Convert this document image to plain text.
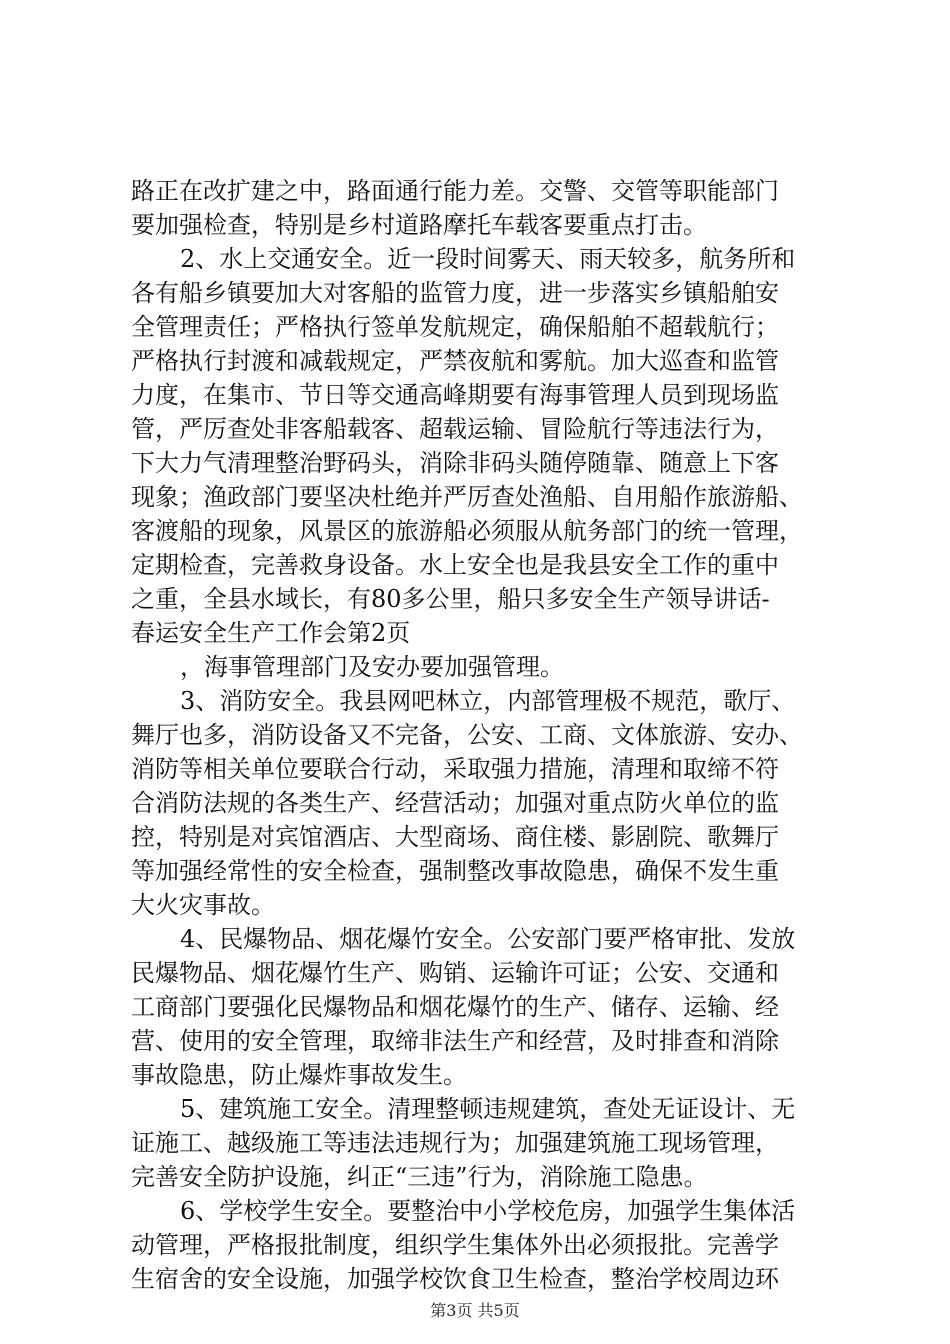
路正在改扩建之中，路面通行能力差。交警、交管等职能部门
要加强检查，特别是乡村道路摩托车载客要重点打击。
2、水上交通安全。近一段时间雾天、雨天较多，航务所和
各有船乡镇要加大对客船的监管力度，进一步落实乡镇船舶安
全管理责任；严格执行签单发航规定，确保船舶不超载航行；
严格执行封渡和减载规定，严禁夜航和雾航。加大巡查和监管
力度，在集市、节日等交通高峰期要有海事管理人员到现场监
管，严厉查处非客船载客、超载运输、冒险航行等违法行为，
下大力气清理整治野码头，消除非码头随停随靠、随意上下客
现象；渔政部门要坚决杜绝并严厉查处渔船、自用船作旅游船、
客渡船的现象，风景区的旅游船必须服从航务部门的统一管理，
定期检查，完善救身设备。水上安全也是我县安全工作的重中
之重，全县水域长，有80多公里，船只多安全生产领导讲话-
春运安全生产工作会第2页
，海事管理部门及安办要加强管理。
3、消防安全。我县网吧林立，内部管理极不规范，歌厅、
舞厅也多，消防设备又不完备，公安、工商、文体旅游、安办、
消防等相关单位要联合行动，采取强力措施，清理和取缔不符
合消防法规的各类生产、经营活动；加强对重点防火单位的监
控，特别是对宾馆酒店、大型商场、商住楼、影剧院、歌舞厅
等加强经常性的安全检查，强制整改事故隐患，确保不发生重
大火灾事故。
4、民爆物品、烟花爆竹安全。公安部门要严格审批、发放
民爆物品、烟花爆竹生产、购销、运输许可证；公安、交通和
工商部门要强化民爆物品和烟花爆竹的生产、储存、运输、经
营、使用的安全管理，取缔非法生产和经营，及时排查和消除
事故隐患，防止爆炸事故发生。
5、建筑施工安全。清理整顿违规建筑，查处无证设计、无
证施工、越级施工等违法违规行为；加强建筑施工现场管理，
完善安全防护设施，纠正“三违”行为，消除施工隐患。
6、学校学生安全。要整治中小学校危房，加强学生集体活
动管理，严格报批制度，组织学生集体外出必须报批。完善学
生宿舍的安全设施，加强学校饮食卫生检查，整治学校周边环
第3页 共5页
